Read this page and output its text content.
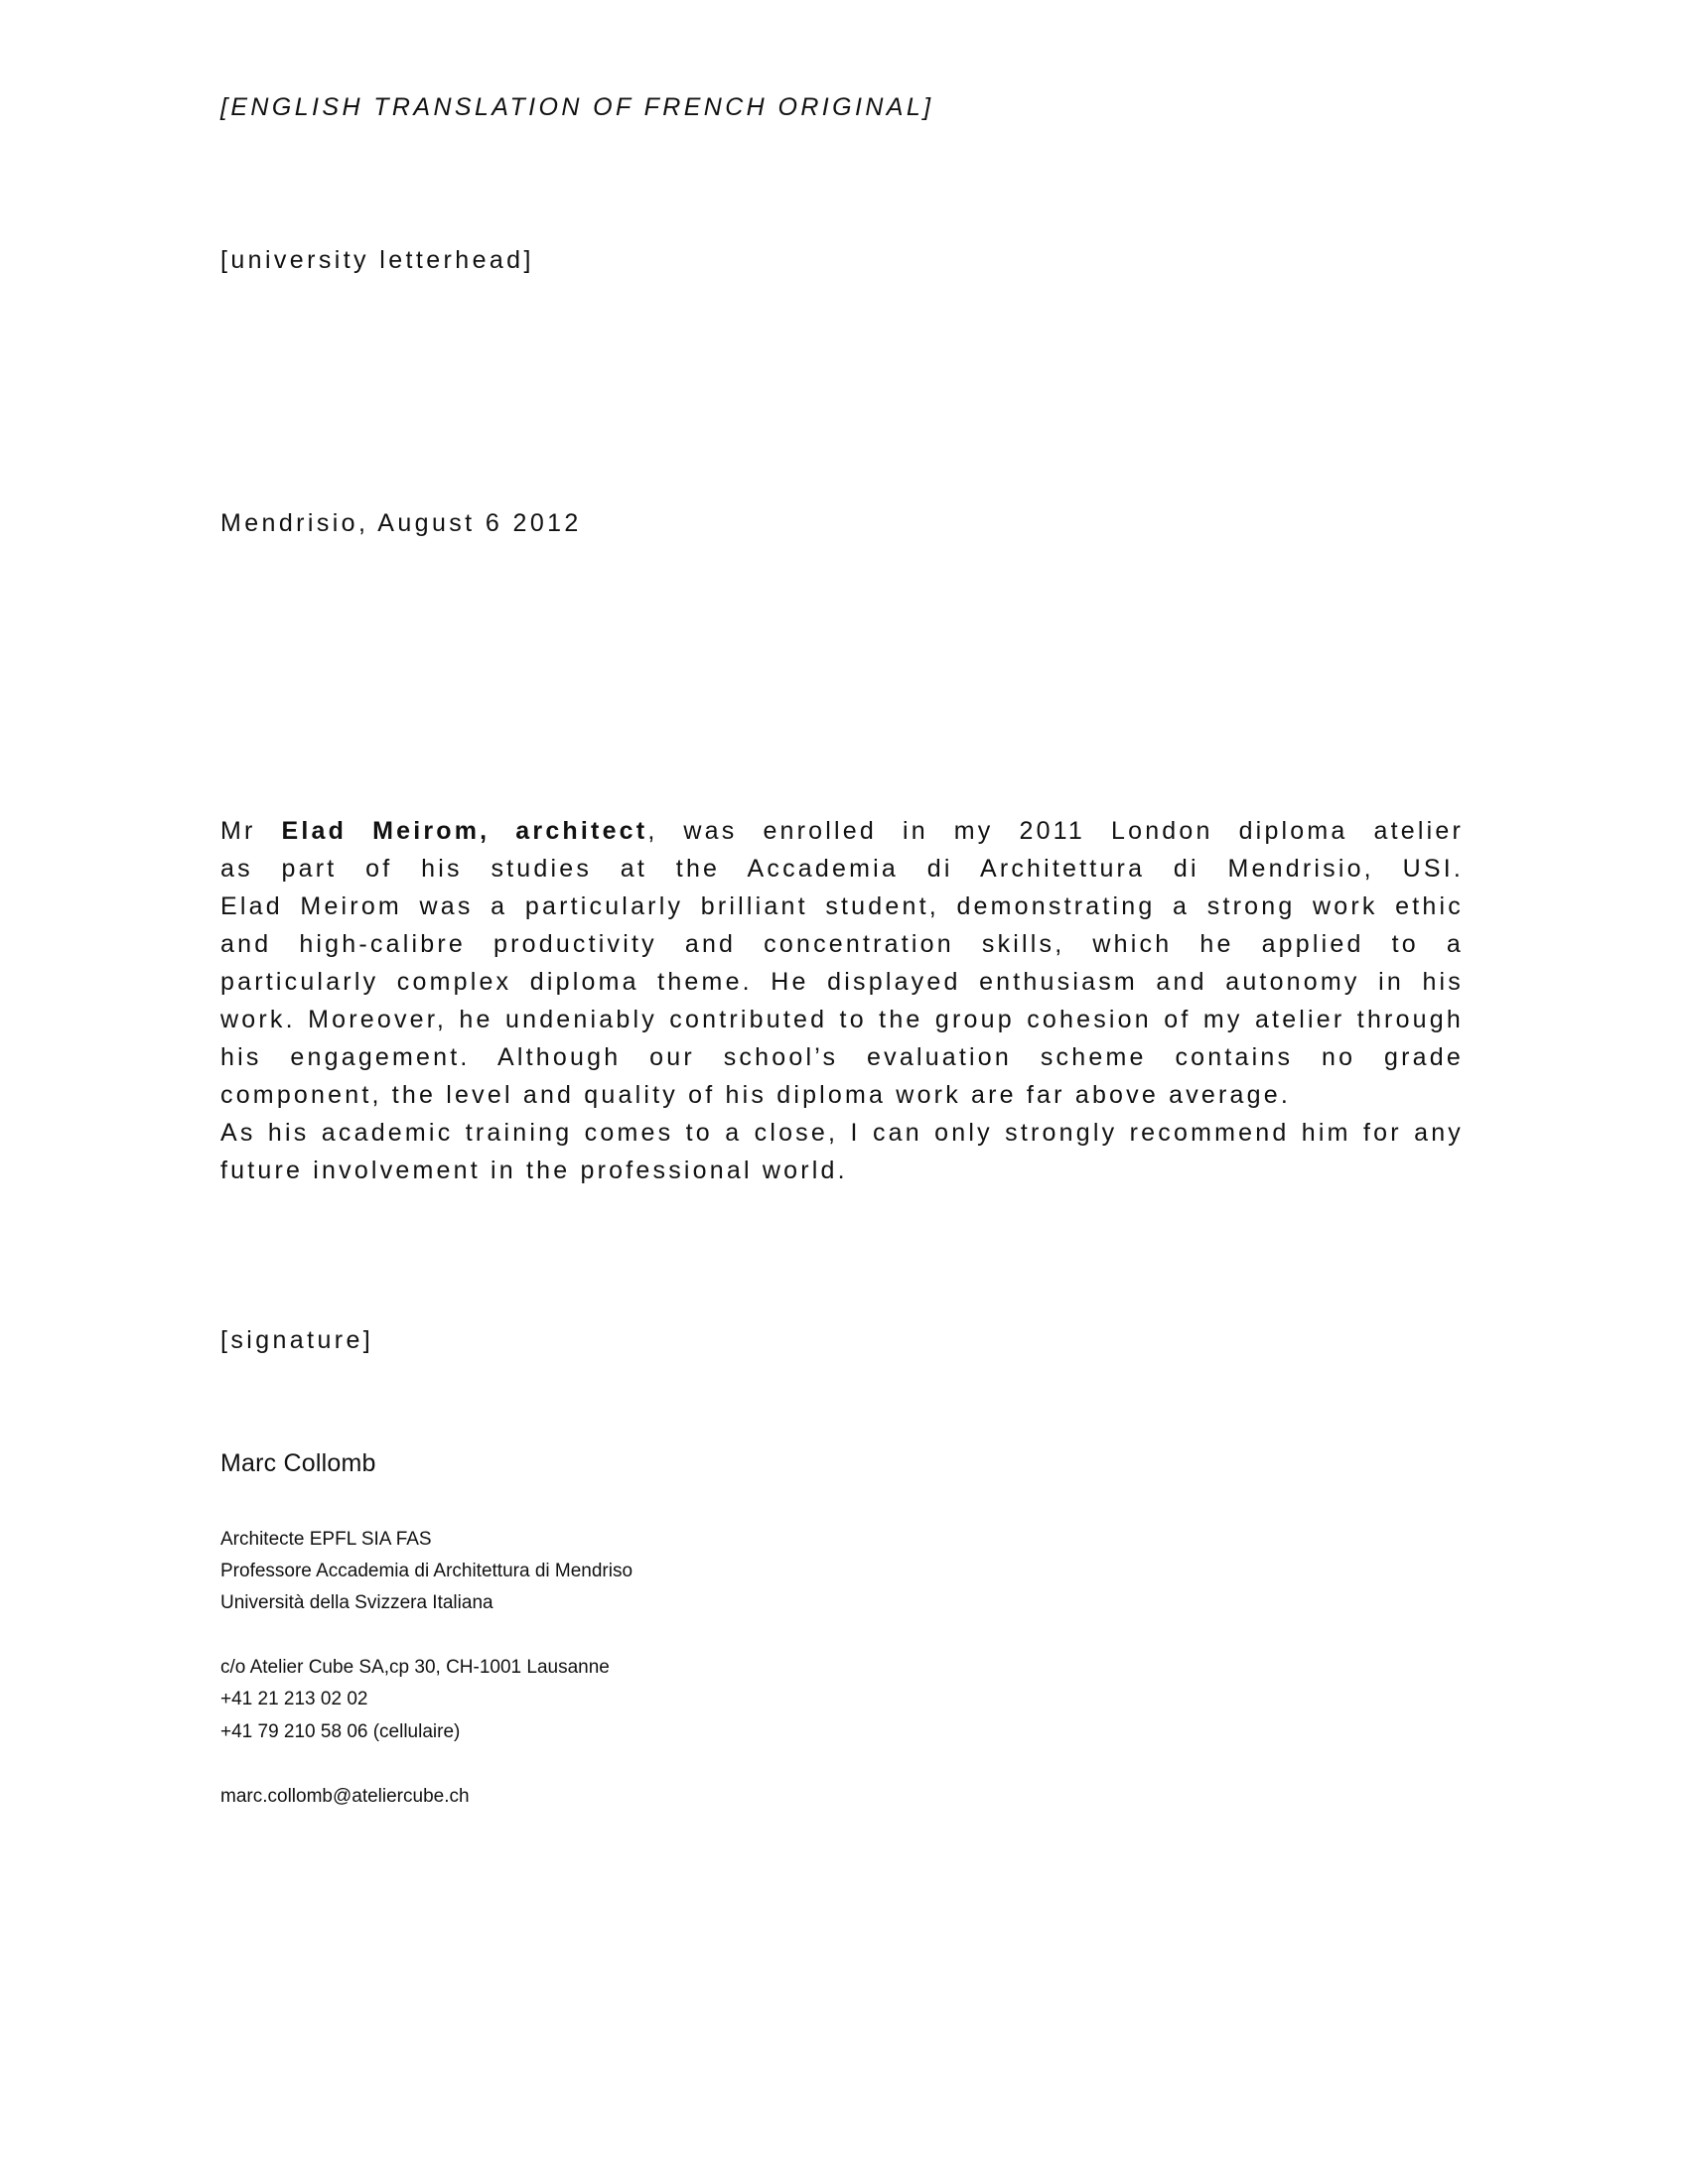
[ENGLISH TRANSLATION OF FRENCH ORIGINAL]
[university letterhead]
Mendrisio, August 6 2012
Mr Elad Meirom, architect, was enrolled in my 2011 London diploma atelier
as part of his studies at the Accademia di Architettura di Mendrisio, USI.
Elad Meirom was a particularly brilliant student, demonstrating a strong work ethic
and high-calibre productivity and concentration skills, which he applied to a
particularly complex diploma theme. He displayed enthusiasm and autonomy in his
work. Moreover, he undeniably contributed to the group cohesion of my atelier through
his engagement. Although our school’s evaluation scheme contains no grade
component, the level and quality of his diploma work are far above average.
As his academic training comes to a close, I can only strongly recommend him for any
future involvement in the professional world.
[signature]
Marc Collomb
Architecte EPFL SIA FAS
Professore Accademia di Architettura di Mendriso
Università della Svizzera Italiana
c/o Atelier Cube SA,cp 30, CH-1001 Lausanne
+41 21 213 02 02
+41 79 210 58 06 (cellulaire)
marc.collomb@ateliercube.ch
